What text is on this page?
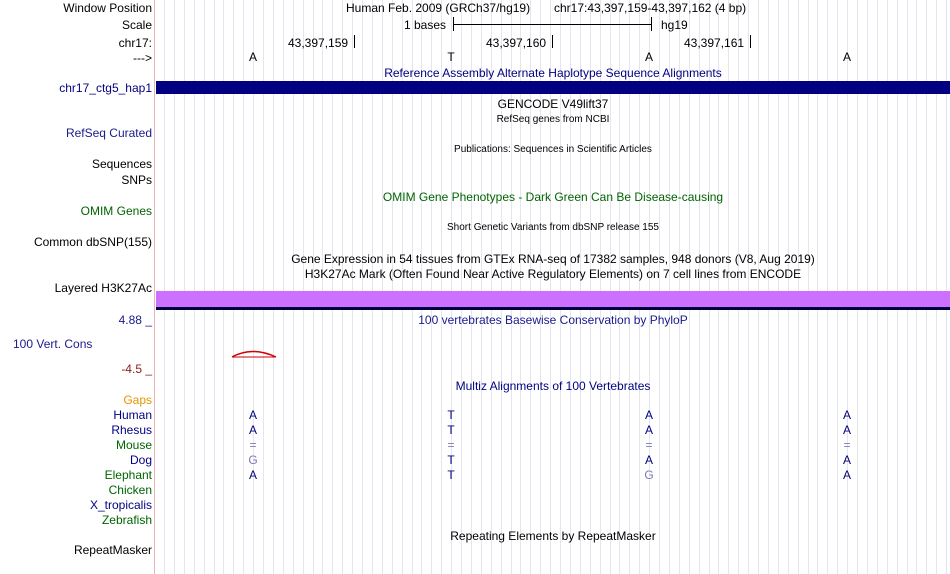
Window Position	Human Feb. 2009 (GRCh37/hg19) chr17:43,397,159-43,397,162 (4 bp)
Scale	1 bases	hg19
chr17:	43,397,159	43,397,160	43,397,161
--->	A	T	A	A
Reference Assembly Alternate Haplotype Sequence Alignments
chr17_ctg5_hap1
GENCODE V49lift37
RefSeq genes from NCBI
RefSeq Curated
Publications: Sequences in Scientific Articles
Sequences
SNPs
OMIM Gene Phenotypes - Dark Green Can Be Disease-causing
OMIM Genes
Short Genetic Variants from dbSNP release 155
Common dbSNP(155)
Gene Expression in 54 tissues from GTEx RNA-seq of 17382 samples, 948 donors (V8, Aug 2019)
H3K27Ac Mark (Often Found Near Active Regulatory Elements) on 7 cell lines from ENCODE
Layered H3K27Ac
4.88 _	100 vertebrates Basewise Conservation by PhyloP
100 Vert. Cons
-4.5 _
Multiz Alignments of 100 Vertebrates
Gaps
Human	A	T	A	A
Rhesus	A	T	A	A
Mouse	=	=	=	=
Dog	G	T	A	A
Elephant	A	T	G	A
Chicken
X_tropicalis
Zebrafish
Repeating Elements by RepeatMasker
RepeatMasker
